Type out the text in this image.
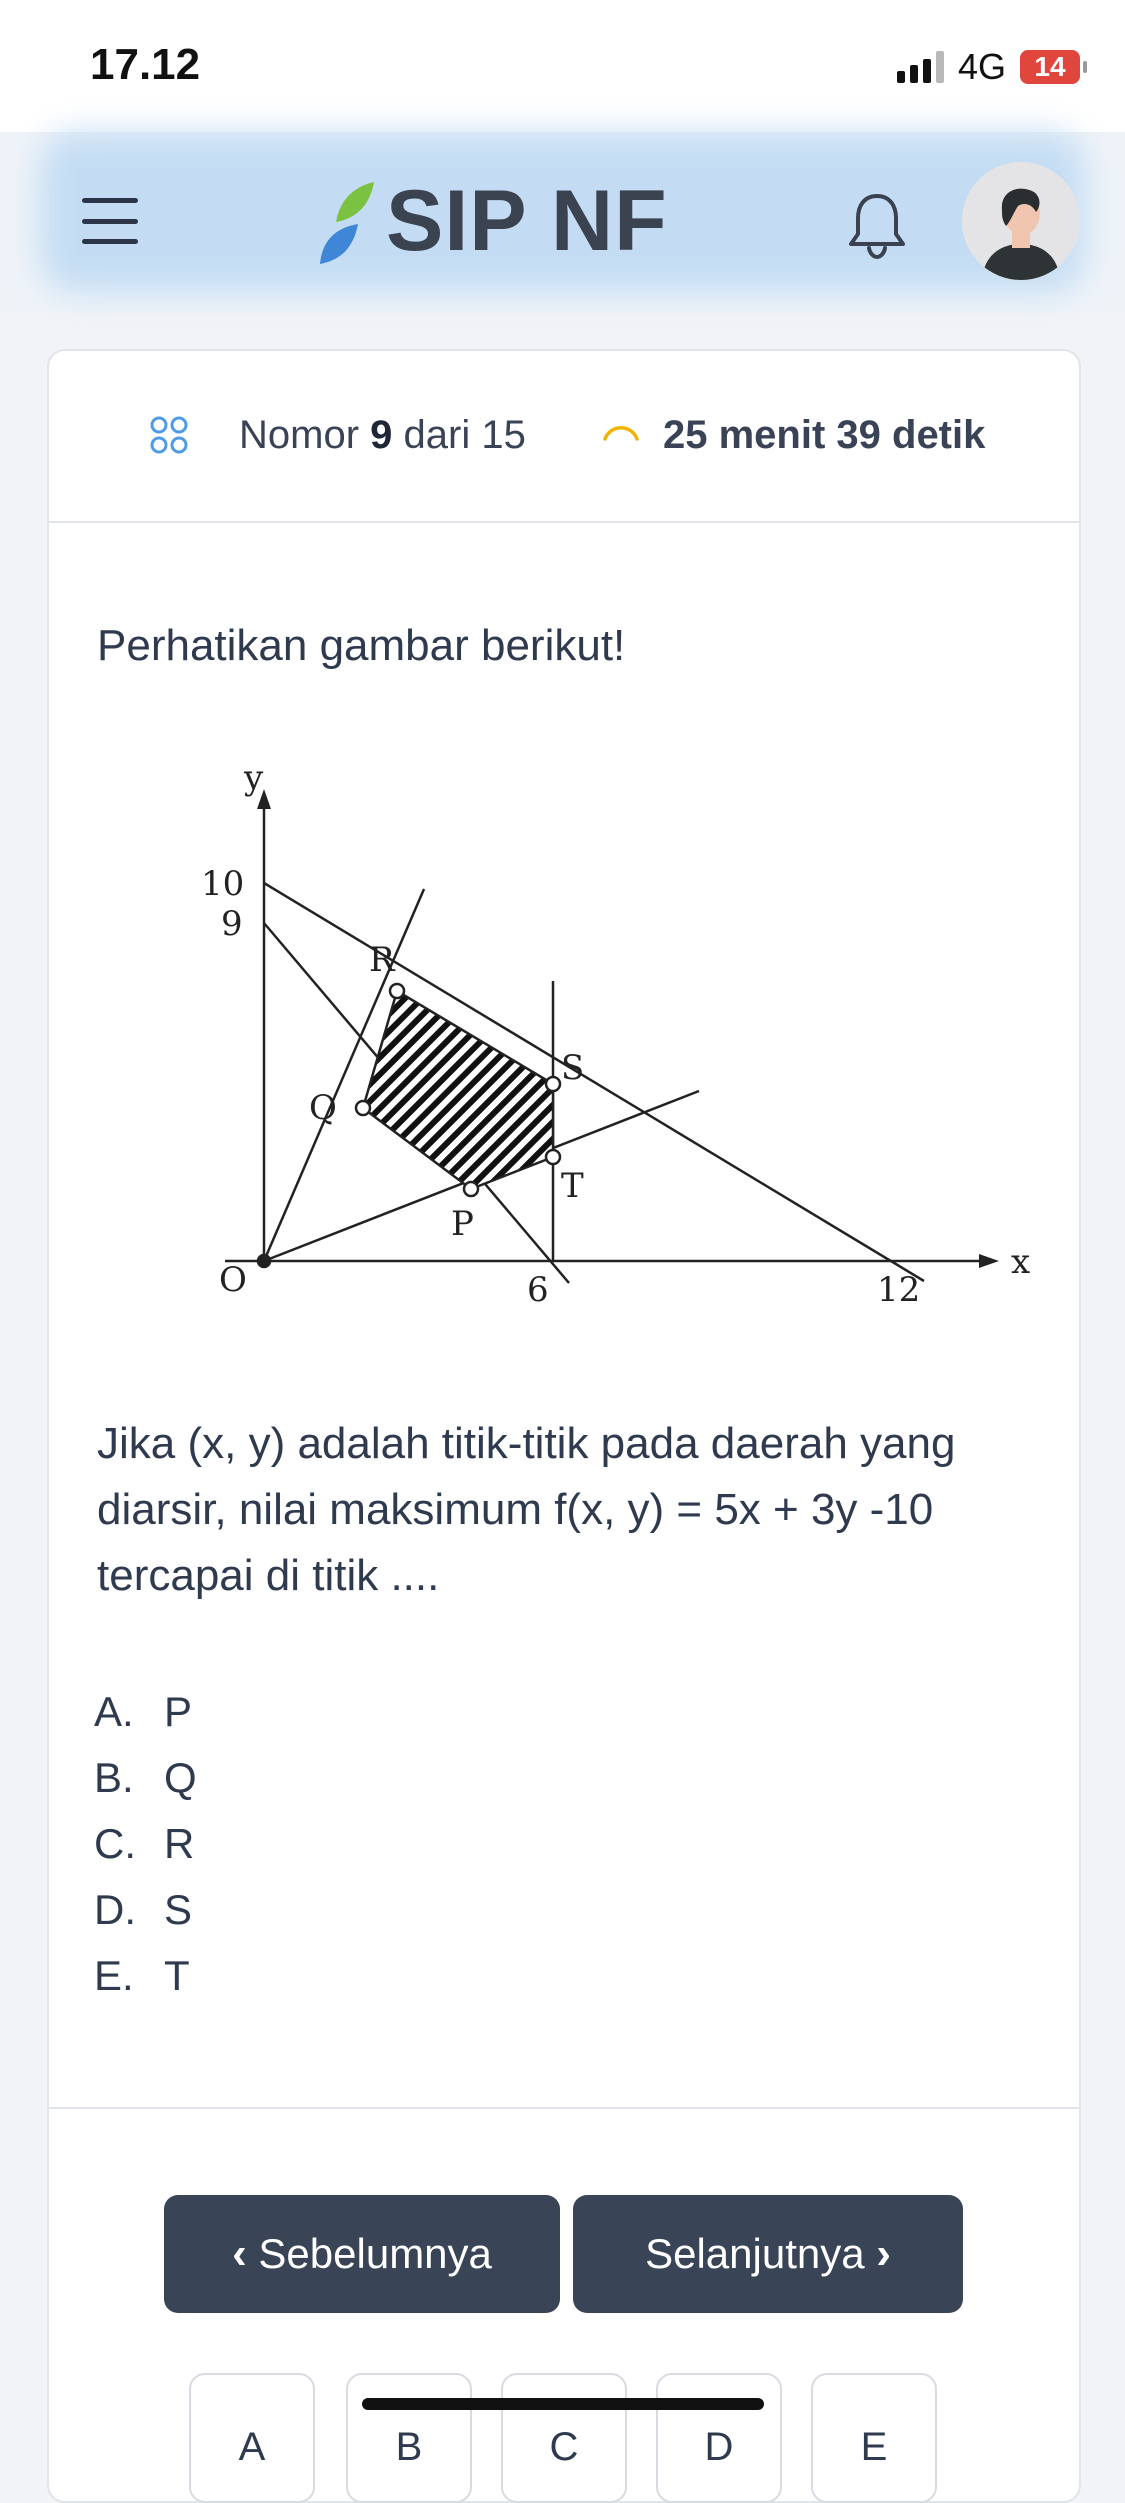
17.12	4G 14
SIP NF
Nomor 9 dari 15	25 menit 39 detik
Perhatikan gambar berikut!
y
x
O
10
9
6	12
R
Q
S
T
P
Jika (x, y) adalah titik-titik pada daerah yang diarsir, nilai maksimum f(x, y) = 5x + 3y -10 tercapai di titik ....
A. P
B. Q
C. R
D. S
E. T
‹
Sebelumnya	Selanjutnya
›
A	B	C	D	E
